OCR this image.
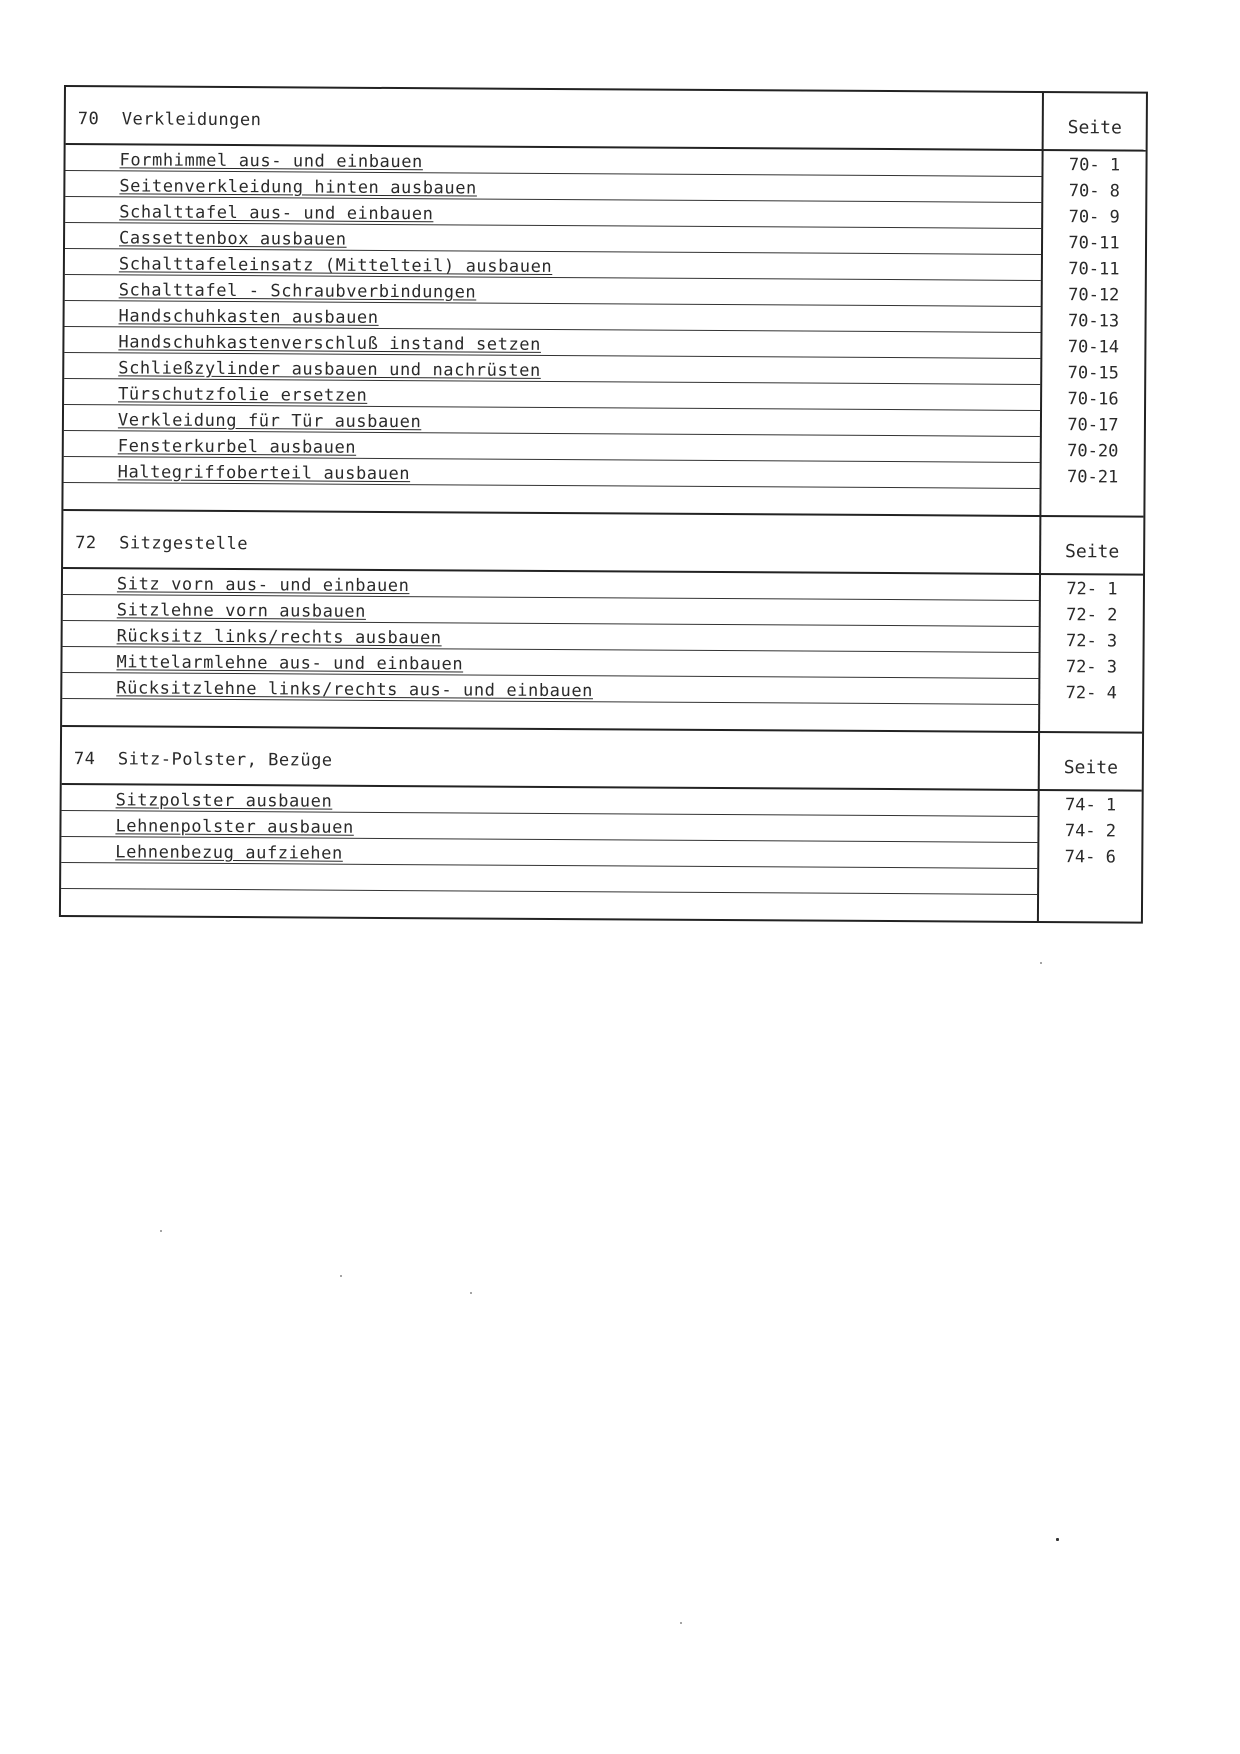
70 Verkleidungen	Seite
Formhimmel aus- und einbauen	70- 1
Seitenverkleidung hinten ausbauen	70- 8
Schalttafel aus- und einbauen	70- 9
Cassettenbox ausbauen	70-11
Schalttafeleinsatz (Mittelteil) ausbauen	70-11
Schalttafel - Schraubverbindungen	70-12
Handschuhkasten ausbauen	70-13
Handschuhkastenverschluß instand setzen	70-14
Schließzylinder ausbauen und nachrüsten	70-15
Türschutzfolie ersetzen	70-16
Verkleidung für Tür ausbauen	70-17
Fensterkurbel ausbauen	70-20
Haltegriffoberteil ausbauen	70-21
72 Sitzgestelle	Seite
Sitz vorn aus- und einbauen	72- 1
Sitzlehne vorn ausbauen	72- 2
Rücksitz links/rechts ausbauen	72- 3
Mittelarmlehne aus- und einbauen	72- 3
Rücksitzlehne links/rechts aus- und einbauen	72- 4
74 Sitz-Polster, Bezüge	Seite
Sitzpolster ausbauen	74- 1
Lehnenpolster ausbauen	74- 2
Lehnenbezug aufziehen	74- 6
